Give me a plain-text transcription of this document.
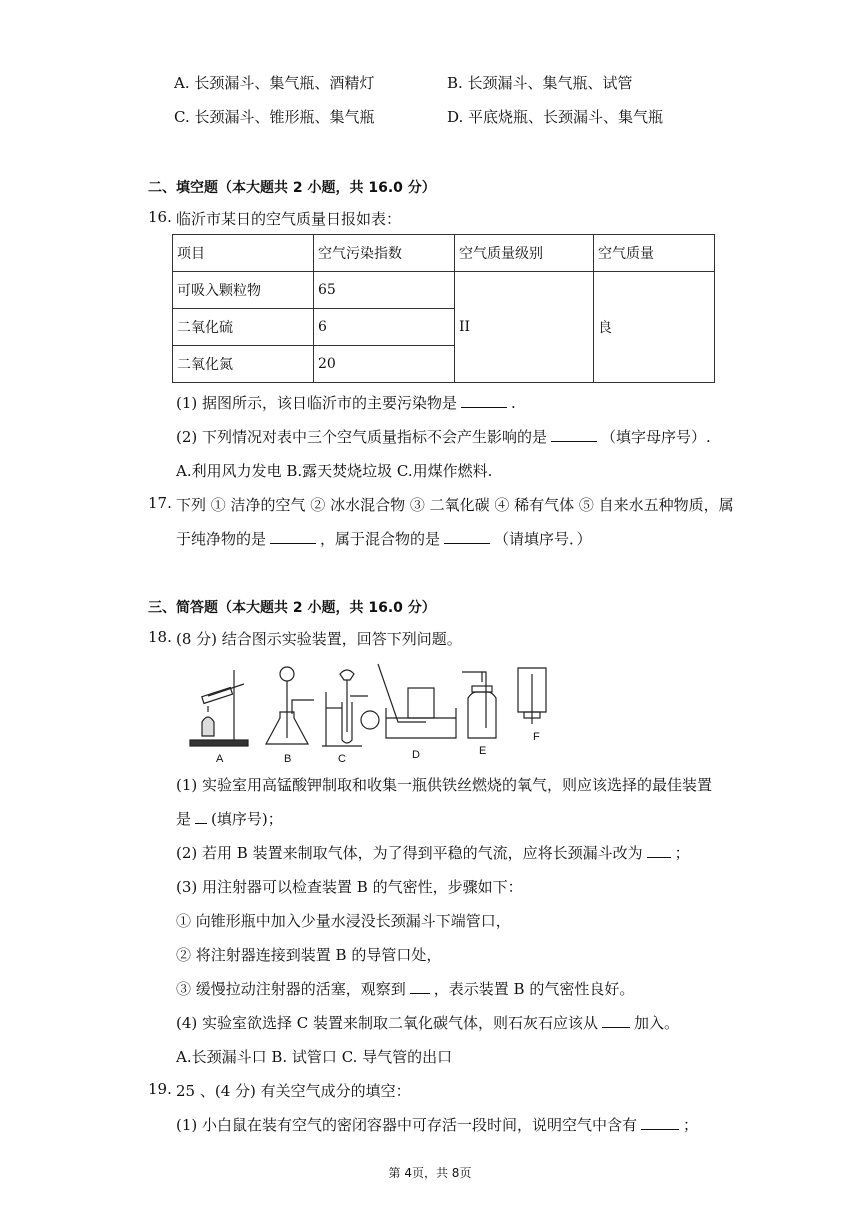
A. 长颈漏斗、集气瓶、酒精灯	B. 长颈漏斗、集气瓶、试管
C. 长颈漏斗、锥形瓶、集气瓶	D. 平底烧瓶、长颈漏斗、集气瓶
二、填空题（本大题共 2 小题，共 16.0 分）
16. 临沂市某日的空气质量日报如表：
项目	空气污染指数	空气质量级别	空气质量
可吸入颗粒物	65	II	良
二氧化硫	6		
二氧化氮	20		
(1) 据图所示，该日临沂市的主要污染物是	.
(2) 下列情况对表中三个空气质量指标不会产生影响的是	（填字母序号）.
A.利用风力发电 B.露天焚烧垃圾 C.用煤作燃料.
17. 下列 ① 洁净的空气 ② 冰水混合物 ③ 二氧化碳 ④ 稀有气体 ⑤ 自来水五种物质，属
于纯净物的是	，属于混合物的是	（请填序号．）
三、简答题（本大题共 2 小题，共 16.0 分）
18. (8 分) 结合图示实验装置，回答下列问题。
A	B	C	D	E
F
(1) 实验室用高锰酸钾制取和收集一瓶供铁丝燃烧的氧气，则应该选择的最佳装置
是 (填序号)；
(2) 若用 B 装置来制取气体，为了得到平稳的气流，应将长颈漏斗改为 ；
(3) 用注射器可以检查装置 B 的气密性，步骤如下：
① 向锥形瓶中加入少量水浸没长颈漏斗下端管口，
② 将注射器连接到装置 B 的导管口处，
③ 缓慢拉动注射器的活塞，观察到 ，表示装置 B 的气密性良好。
(4) 实验室欲选择 C 装置来制取二氧化碳气体，则石灰石应该从 加入。
A.长颈漏斗口 B. 试管口 C. 导气管的出口
19. 25 、(4 分) 有关空气成分的填空：
(1) 小白鼠在装有空气的密闭容器中可存活一段时间，说明空气中含有	；
第 4页，共 8页
